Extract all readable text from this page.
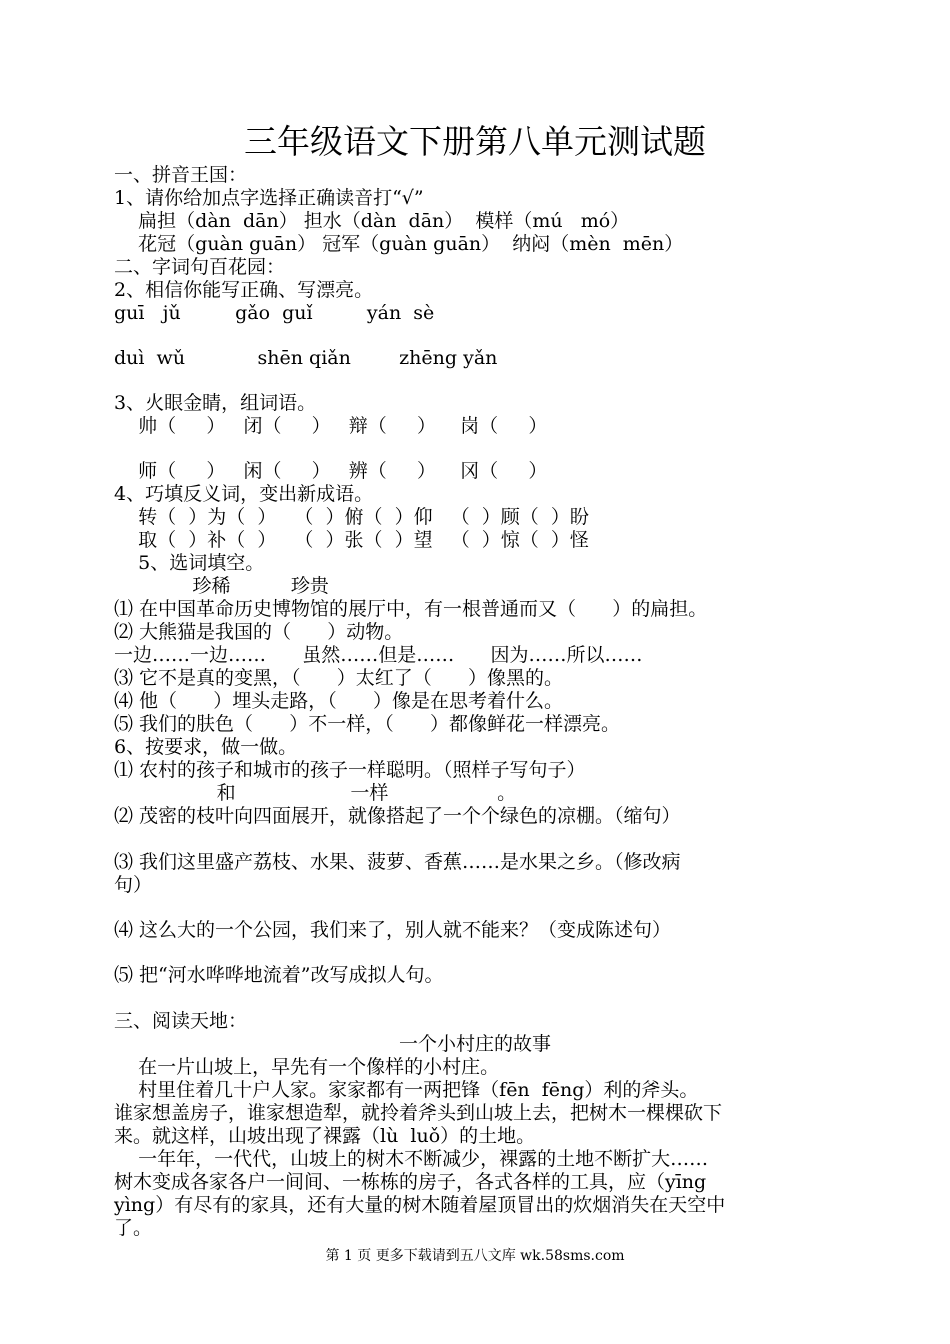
三年级语文下册第八单元测试题
一、拼音王国：
1、请你给加点字选择正确读音打“√”
扁担（dàn  dān） 担水（dàn  dān）  模样（mú   mó）
花冠（guàn guān） 冠军（guàn guān）  纳闷（mèn  mēn）
二、字词句百花园：
2、相信你能写正确、写漂亮。
guī   jǔ         gǎo  guǐ         yán  sè
duì  wǔ            shēn qiǎn        zhēng yǎn
3、火眼金睛，组词语。
帅（     ）   闭（     ）   辩（     ）    岗（     ）
师（     ）   闲（     ）   辨（     ）    冈（     ）
4、巧填反义词，变出新成语。
转（  ）为（  ）   （  ）俯（  ）仰   （  ）顾（  ）盼
取（  ）补（  ）   （  ）张（  ）望   （  ）惊（  ）怪
5、选词填空。
珍稀          珍贵
⑴ 在中国革命历史博物馆的展厅中，有一根普通而又（      ）的扁担。
⑵ 大熊猫是我国的（      ）动物。
一边……一边……      虽然……但是……      因为……所以……
⑶ 它不是真的变黑，（      ）太红了（      ）像黑的。
⑷ 他（      ）埋头走路，（      ）像是在思考着什么。
⑸ 我们的肤色（      ）不一样，（      ）都像鲜花一样漂亮。
6、按要求，做一做。
⑴ 农村的孩子和城市的孩子一样聪明。（照样子写句子）
和                   一样                  。
⑵ 茂密的枝叶向四面展开，就像搭起了一个个绿色的凉棚。（缩句）
⑶ 我们这里盛产荔枝、水果、菠萝、香蕉……是水果之乡。（修改病
句）
⑷ 这么大的一个公园，我们来了，别人就不能来？（变成陈述句）
⑸ 把“河水哗哗地流着”改写成拟人句。
三、阅读天地：
一个小村庄的故事
在一片山坡上，早先有一个像样的小村庄。
村里住着几十户人家。家家都有一两把锋（fēn  fēng）利的斧头。
谁家想盖房子，谁家想造犁，就拎着斧头到山坡上去，把树木一棵棵砍下
来。就这样，山坡出现了裸露（lù  luǒ）的土地。
一年年，一代代，山坡上的树木不断减少，裸露的土地不断扩大……
树木变成各家各户一间间、一栋栋的房子，各式各样的工具，应（yīng
yìng）有尽有的家具，还有大量的树木随着屋顶冒出的炊烟消失在天空中
了。
第 1 页 更多下载请到五八文库 wk.58sms.com
